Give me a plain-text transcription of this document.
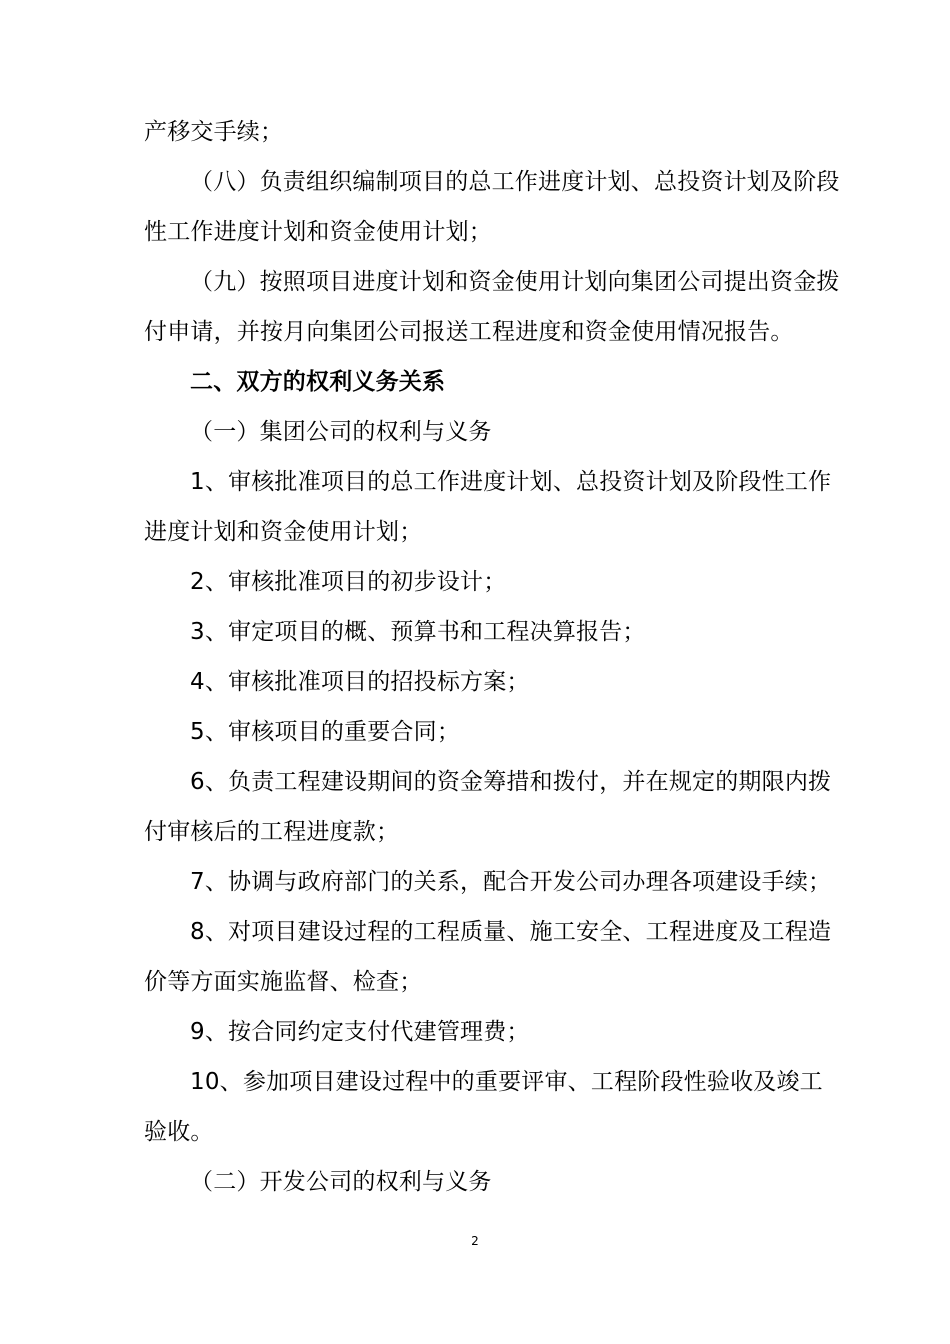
产移交手续；
（八）负责组织编制项目的总工作进度计划、总投资计划及阶段
性工作进度计划和资金使用计划；
（九）按照项目进度计划和资金使用计划向集团公司提出资金拨
付申请，并按月向集团公司报送工程进度和资金使用情况报告。
二、双方的权利义务关系
（一）集团公司的权利与义务
1、审核批准项目的总工作进度计划、总投资计划及阶段性工作
进度计划和资金使用计划；
2、审核批准项目的初步设计；
3、审定项目的概、预算书和工程决算报告；
4、审核批准项目的招投标方案；
5、审核项目的重要合同；
6、负责工程建设期间的资金筹措和拨付，并在规定的期限内拨
付审核后的工程进度款；
7、协调与政府部门的关系，配合开发公司办理各项建设手续；
8、对项目建设过程的工程质量、施工安全、工程进度及工程造
价等方面实施监督、检查；
9、按合同约定支付代建管理费；
10、参加项目建设过程中的重要评审、工程阶段性验收及竣工
验收。
（二）开发公司的权利与义务
2
